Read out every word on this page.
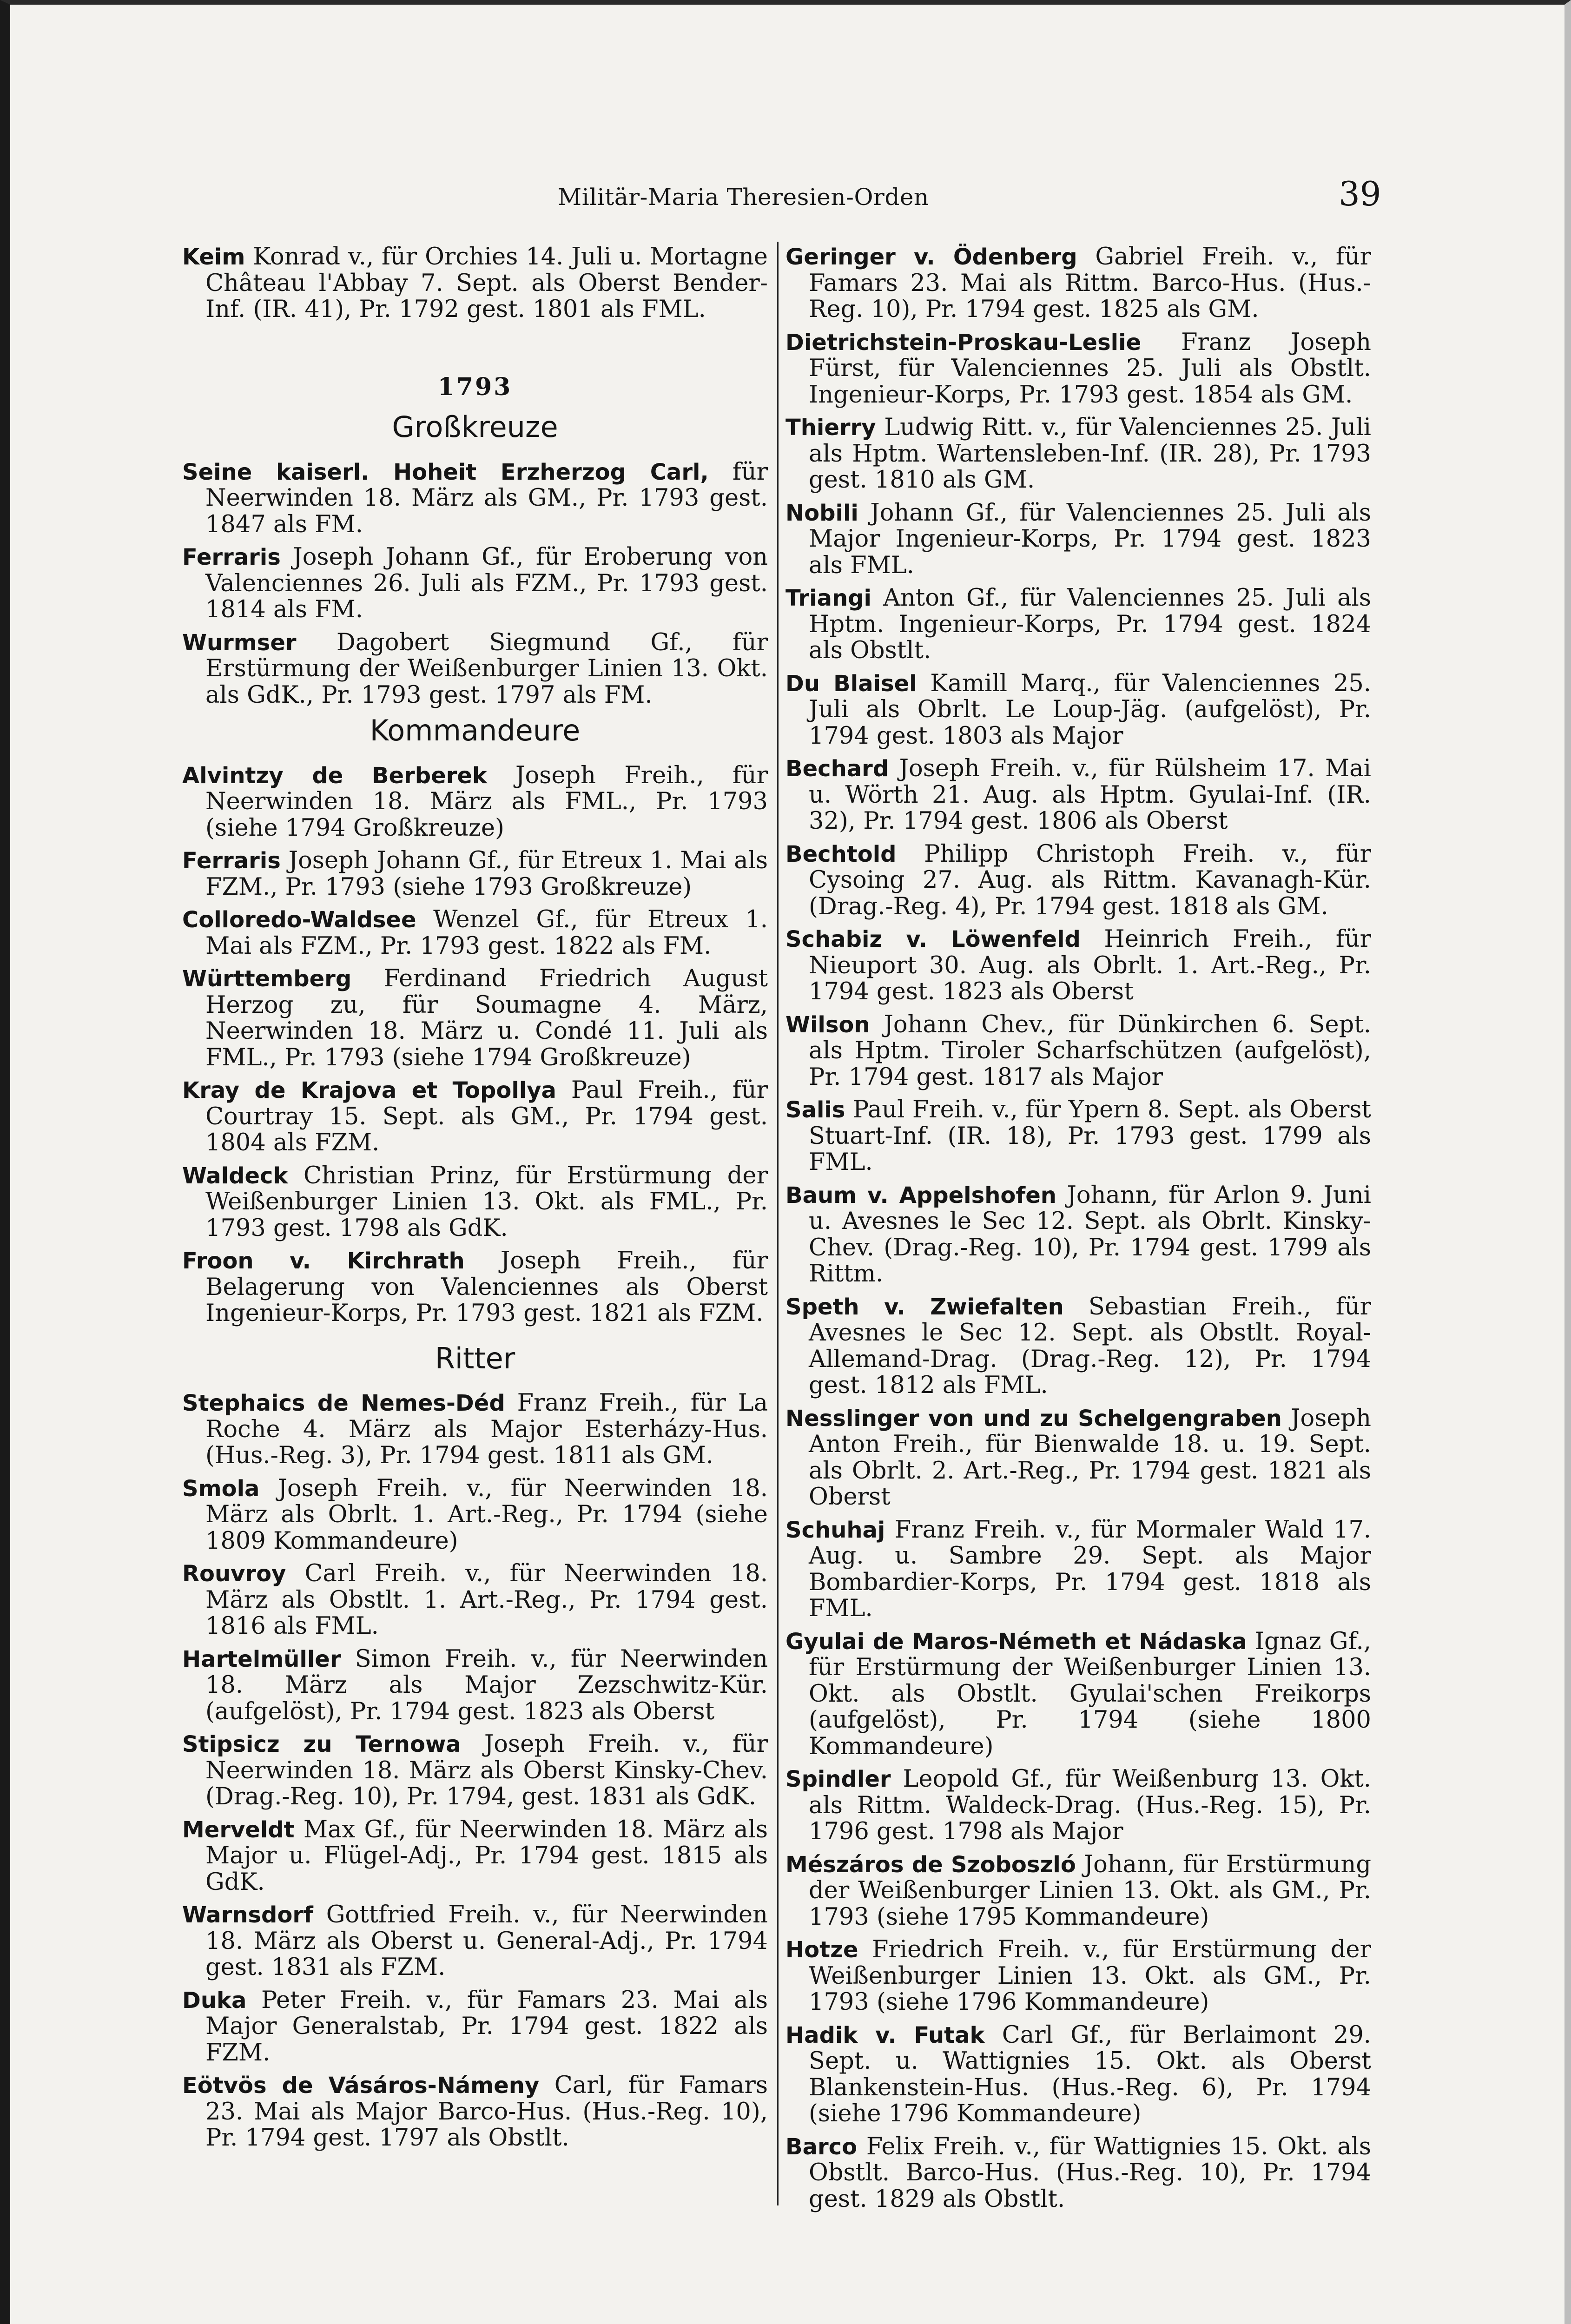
Militär-Maria Theresien-Orden	39

Keim Konrad v., für Orchies 14. Juli u. Mortagne Château l'Abbay 7. Sept. als Oberst Bender-Inf. (IR. 41), Pr. 1792 gest. 1801 als FML.

1793
Großkreuze

Seine kaiserl. Hoheit Erzherzog Carl, für Neerwinden 18. März als GM., Pr. 1793 gest. 1847 als FM.

Ferraris Joseph Johann Gf., für Eroberung von Valenciennes 26. Juli als FZM., Pr. 1793 gest. 1814 als FM.

Wurmser Dagobert Siegmund Gf., für Erstürmung der Weißenburger Linien 13. Okt. als GdK., Pr. 1793 gest. 1797 als FM.

Kommandeure

Alvintzy de Berberek Joseph Freih., für Neerwinden 18. März als FML., Pr. 1793 (siehe 1794 Großkreuze)

Ferraris Joseph Johann Gf., für Etreux 1. Mai als FZM., Pr. 1793 (siehe 1793 Großkreuze)

Colloredo-Waldsee Wenzel Gf., für Etreux 1. Mai als FZM., Pr. 1793 gest. 1822 als FM.

Württemberg Ferdinand Friedrich August Herzog zu, für Soumagne 4. März, Neerwinden 18. März u. Condé 11. Juli als FML., Pr. 1793 (siehe 1794 Großkreuze)

Kray de Krajova et Topollya Paul Freih., für Courtray 15. Sept. als GM., Pr. 1794 gest. 1804 als FZM.

Waldeck Christian Prinz, für Erstürmung der Weißenburger Linien 13. Okt. als FML., Pr. 1793 gest. 1798 als GdK.

Froon v. Kirchrath Joseph Freih., für Belagerung von Valenciennes als Oberst Ingenieur-Korps, Pr. 1793 gest. 1821 als FZM.

Ritter

Stephaics de Nemes-Déd Franz Freih., für La Roche 4. März als Major Esterházy-Hus. (Hus.-Reg. 3), Pr. 1794 gest. 1811 als GM.

Smola Joseph Freih. v., für Neerwinden 18. März als Obrlt. 1. Art.-Reg., Pr. 1794 (siehe 1809 Kommandeure)

Rouvroy Carl Freih. v., für Neerwinden 18. März als Obstlt. 1. Art.-Reg., Pr. 1794 gest. 1816 als FML.

Hartelmüller Simon Freih. v., für Neerwinden 18. März als Major Zezschwitz-Kür. (aufgelöst), Pr. 1794 gest. 1823 als Oberst

Stipsicz zu Ternowa Joseph Freih. v., für Neerwinden 18. März als Oberst Kinsky-Chev. (Drag.-Reg. 10), Pr. 1794, gest. 1831 als GdK.

Merveldt Max Gf., für Neerwinden 18. März als Major u. Flügel-Adj., Pr. 1794 gest. 1815 als GdK.

Warnsdorf Gottfried Freih. v., für Neerwinden 18. März als Oberst u. General-Adj., Pr. 1794 gest. 1831 als FZM.

Duka Peter Freih. v., für Famars 23. Mai als Major Generalstab, Pr. 1794 gest. 1822 als FZM.

Eötvös de Vásáros-Námeny Carl, für Famars 23. Mai als Major Barco-Hus. (Hus.-Reg. 10), Pr. 1794 gest. 1797 als Obstlt.

Geringer v. Ödenberg Gabriel Freih. v., für Famars 23. Mai als Rittm. Barco-Hus. (Hus.-Reg. 10), Pr. 1794 gest. 1825 als GM.

Dietrichstein-Proskau-Leslie Franz Joseph Fürst, für Valenciennes 25. Juli als Obstlt. Ingenieur-Korps, Pr. 1793 gest. 1854 als GM.

Thierry Ludwig Ritt. v., für Valenciennes 25. Juli als Hptm. Wartensleben-Inf. (IR. 28), Pr. 1793 gest. 1810 als GM.

Nobili Johann Gf., für Valenciennes 25. Juli als Major Ingenieur-Korps, Pr. 1794 gest. 1823 als FML.

Triangi Anton Gf., für Valenciennes 25. Juli als Hptm. Ingenieur-Korps, Pr. 1794 gest. 1824 als Obstlt.

Du Blaisel Kamill Marq., für Valenciennes 25. Juli als Obrlt. Le Loup-Jäg. (aufgelöst), Pr. 1794 gest. 1803 als Major

Bechard Joseph Freih. v., für Rülsheim 17. Mai u. Wörth 21. Aug. als Hptm. Gyulai-Inf. (IR. 32), Pr. 1794 gest. 1806 als Oberst

Bechtold Philipp Christoph Freih. v., für Cysoing 27. Aug. als Rittm. Kavanagh-Kür. (Drag.-Reg. 4), Pr. 1794 gest. 1818 als GM.

Schabiz v. Löwenfeld Heinrich Freih., für Nieuport 30. Aug. als Obrlt. 1. Art.-Reg., Pr. 1794 gest. 1823 als Oberst

Wilson Johann Chev., für Dünkirchen 6. Sept. als Hptm. Tiroler Scharfschützen (aufgelöst), Pr. 1794 gest. 1817 als Major

Salis Paul Freih. v., für Ypern 8. Sept. als Oberst Stuart-Inf. (IR. 18), Pr. 1793 gest. 1799 als FML.

Baum v. Appelshofen Johann, für Arlon 9. Juni u. Avesnes le Sec 12. Sept. als Obrlt. Kinsky-Chev. (Drag.-Reg. 10), Pr. 1794 gest. 1799 als Rittm.

Speth v. Zwiefalten Sebastian Freih., für Avesnes le Sec 12. Sept. als Obstlt. Royal-Allemand-Drag. (Drag.-Reg. 12), Pr. 1794 gest. 1812 als FML.

Nesslinger von und zu Schelgengraben Joseph Anton Freih., für Bienwalde 18. u. 19. Sept. als Obrlt. 2. Art.-Reg., Pr. 1794 gest. 1821 als Oberst

Schuhaj Franz Freih. v., für Mormaler Wald 17. Aug. u. Sambre 29. Sept. als Major Bombardier-Korps, Pr. 1794 gest. 1818 als FML.

Gyulai de Maros-Németh et Nádaska Ignaz Gf., für Erstürmung der Weißenburger Linien 13. Okt. als Obstlt. Gyulai'schen Freikorps (aufgelöst), Pr. 1794 (siehe 1800 Kommandeure)

Spindler Leopold Gf., für Weißenburg 13. Okt. als Rittm. Waldeck-Drag. (Hus.-Reg. 15), Pr. 1796 gest. 1798 als Major

Mészáros de Szoboszló Johann, für Erstürmung der Weißenburger Linien 13. Okt. als GM., Pr. 1793 (siehe 1795 Kommandeure)

Hotze Friedrich Freih. v., für Erstürmung der Weißenburger Linien 13. Okt. als GM., Pr. 1793 (siehe 1796 Kommandeure)

Hadik v. Futak Carl Gf., für Berlaimont 29. Sept. u. Wattignies 15. Okt. als Oberst Blankenstein-Hus. (Hus.-Reg. 6), Pr. 1794 (siehe 1796 Kommandeure)

Barco Felix Freih. v., für Wattignies 15. Okt. als Obstlt. Barco-Hus. (Hus.-Reg. 10), Pr. 1794 gest. 1829 als Obstlt.
